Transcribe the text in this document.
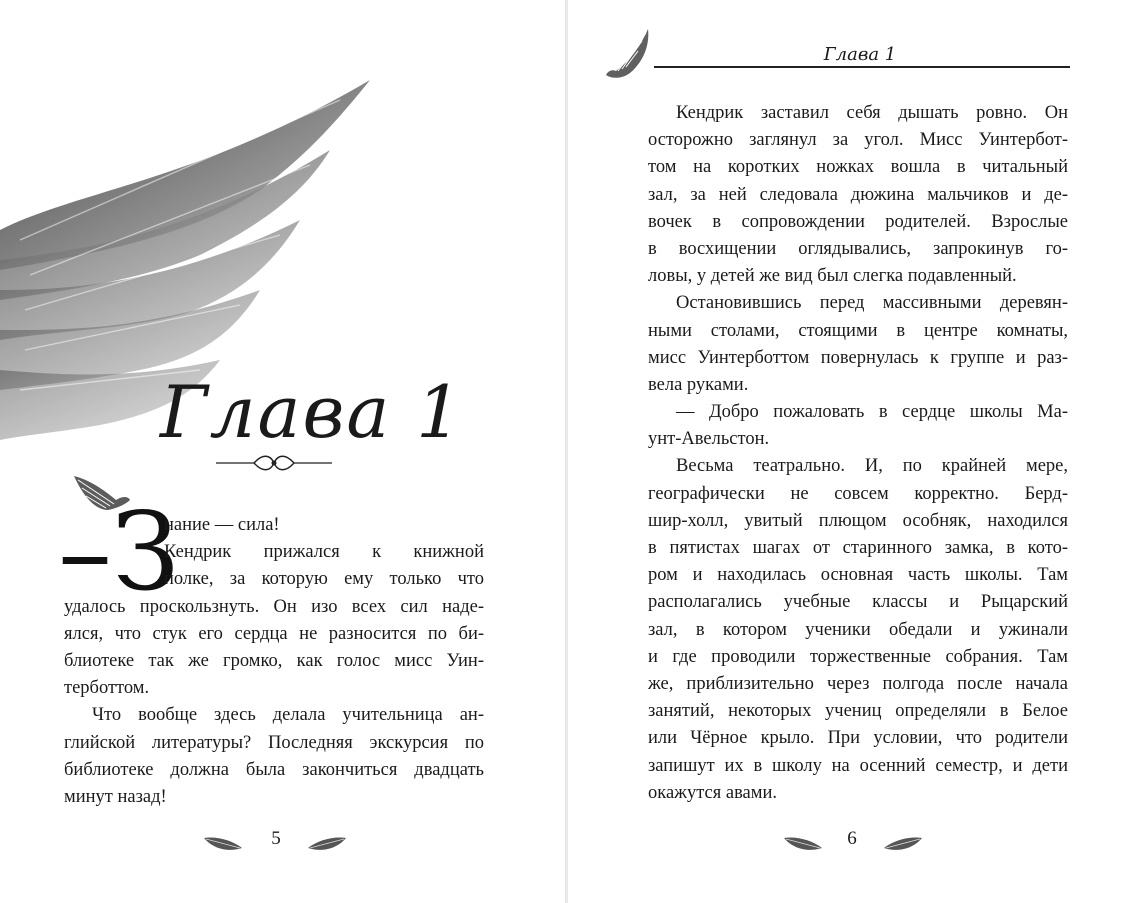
Глава 1
–З
нание — сила!
Кендрик прижался к книжной
полке, за которую ему только что
удалось проскользнуть. Он изо всех сил наде-
ялся, что стук его сердца не разносится по би-
блиотеке так же громко, как голос мисс Уин-
терботтом.
Что вообще здесь делала учительница ан-
глийской литературы? Последняя экскурсия по
библиотеке должна была закончиться двадцать
минут назад!
5
Глава 1
Кендрик заставил себя дышать ровно. Он
осторожно заглянул за угол. Мисс Уинтербот-
том на коротких ножках вошла в читальный
зал, за ней следовала дюжина мальчиков и де-
вочек в сопровождении родителей. Взрослые
в восхищении оглядывались, запрокинув го-
ловы, у детей же вид был слегка подавленный.
Остановившись перед массивными деревян-
ными столами, стоящими в центре комнаты,
мисс Уинтерботтом повернулась к группе и раз-
вела руками.
— Добро пожаловать в сердце школы Ма-
унт-Авельстон.
Весьма театрально. И, по крайней мере,
географически не совсем корректно. Берд-
шир-холл, увитый плющом особняк, находился
в пятистах шагах от старинного замка, в кото-
ром и находилась основная часть школы. Там
располагались учебные классы и Рыцарский
зал, в котором ученики обедали и ужинали
и где проводили торжественные собрания. Там
же, приблизительно через полгода после начала
занятий, некоторых учениц определяли в Белое
или Чёрное крыло. При условии, что родители
запишут их в школу на осенний семестр, и дети
окажутся авами.
6
